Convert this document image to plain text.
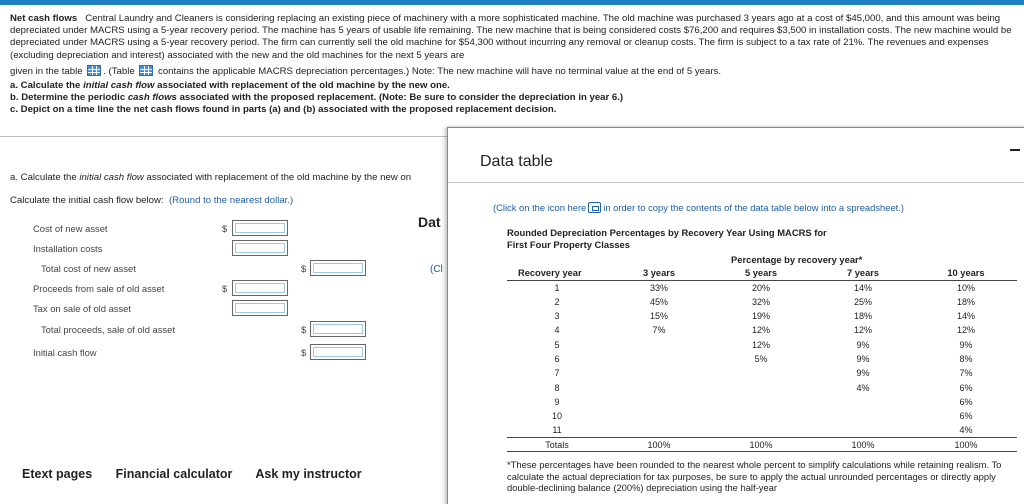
Net cash flows Central Laundry and Cleaners is considering replacing an existing piece of machinery with a more sophisticated machine. The old machine was purchased 3 years ago at a cost of $45,000, and this amount was being depreciated under MACRS using a 5-year recovery period. The machine has 5 years of usable life remaining. The new machine that is being considered costs $76,200 and requires $3,500 in installation costs. The new machine would be depreciated under MACRS using a 5-year recovery period. The firm can currently sell the old machine for $54,300 without incurring any removal or cleanup costs. The firm is subject to a tax rate of 21%. The revenues and expenses (excluding depreciation and interest) associated with the new and the old machines for the next 5 years are
given in the table . (Table contains the applicable MACRS depreciation percentages.) Note: The new machine will have no terminal value at the end of 5 years.
a. Calculate the initial cash flow associated with replacement of the old machine by the new one.
b. Determine the periodic cash flows associated with the proposed replacement. (Note: Be sure to consider the depreciation in year 6.)
c. Depict on a time line the net cash flows found in parts (a) and (b) associated with the proposed replacement decision.
a. Calculate the initial cash flow associated with replacement of the old machine by the new on
Calculate the initial cash flow below: (Round to the nearest dollar.)
Cost of new asset	$
Installation costs
Total cost of new asset	$
Proceeds from sale of old asset	$
Tax on sale of old asset
Total proceeds, sale of old asset	$
Initial cash flow	$
Dat
(Cl
Etext pages Financial calculator Ask my instructor
Data table
(Click on the icon here in order to copy the contents of the data table below into a spreadsheet.)
Rounded Depreciation Percentages by Recovery Year Using MACRS for
First Four Property Classes
Percentage by recovery year*
Recovery year	3 years	5 years	7 years	10 years
1	33%	20%	14%	10%
2	45%	32%	25%	18%
3	15%	19%	18%	14%
4	7%	12%	12%	12%
5		12%	9%	9%
6		5%	9%	8%
7			9%	7%
8			4%	6%
9				6%
10				6%
11				4%
Totals	100%	100%	100%	100%
*These percentages have been rounded to the nearest whole percent to simplify calculations while retaining realism. To calculate the actual depreciation for tax purposes, be sure to apply the actual unrounded percentages or directly apply double-declining balance (200%) depreciation using the half-year
